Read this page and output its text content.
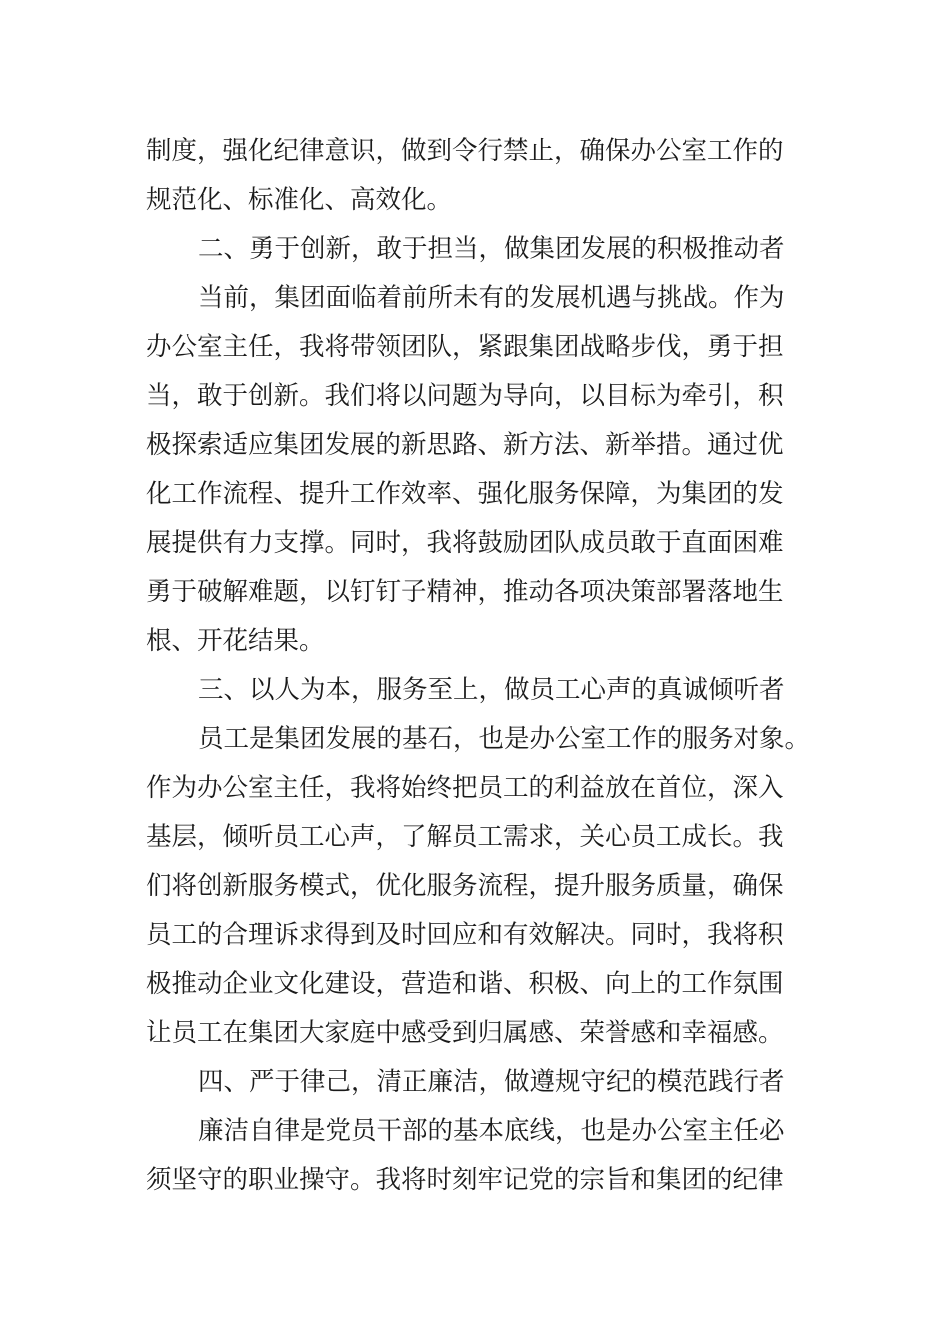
制度，强化纪律意识，做到令行禁止，确保办公室工作的
规范化、标准化、高效化。
二、勇于创新，敢于担当，做集团发展的积极推动者
当前，集团面临着前所未有的发展机遇与挑战。作为
办公室主任，我将带领团队，紧跟集团战略步伐，勇于担
当，敢于创新。我们将以问题为导向，以目标为牵引，积
极探索适应集团发展的新思路、新方法、新举措。通过优
化工作流程、提升工作效率、强化服务保障，为集团的发
展提供有力支撑。同时，我将鼓励团队成员敢于直面困难
勇于破解难题，以钉钉子精神，推动各项决策部署落地生
根、开花结果。
三、以人为本，服务至上，做员工心声的真诚倾听者
员工是集团发展的基石，也是办公室工作的服务对象。
作为办公室主任，我将始终把员工的利益放在首位，深入
基层，倾听员工心声，了解员工需求，关心员工成长。我
们将创新服务模式，优化服务流程，提升服务质量，确保
员工的合理诉求得到及时回应和有效解决。同时，我将积
极推动企业文化建设，营造和谐、积极、向上的工作氛围
让员工在集团大家庭中感受到归属感、荣誉感和幸福感。
四、严于律己，清正廉洁，做遵规守纪的模范践行者
廉洁自律是党员干部的基本底线，也是办公室主任必
须坚守的职业操守。我将时刻牢记党的宗旨和集团的纪律
